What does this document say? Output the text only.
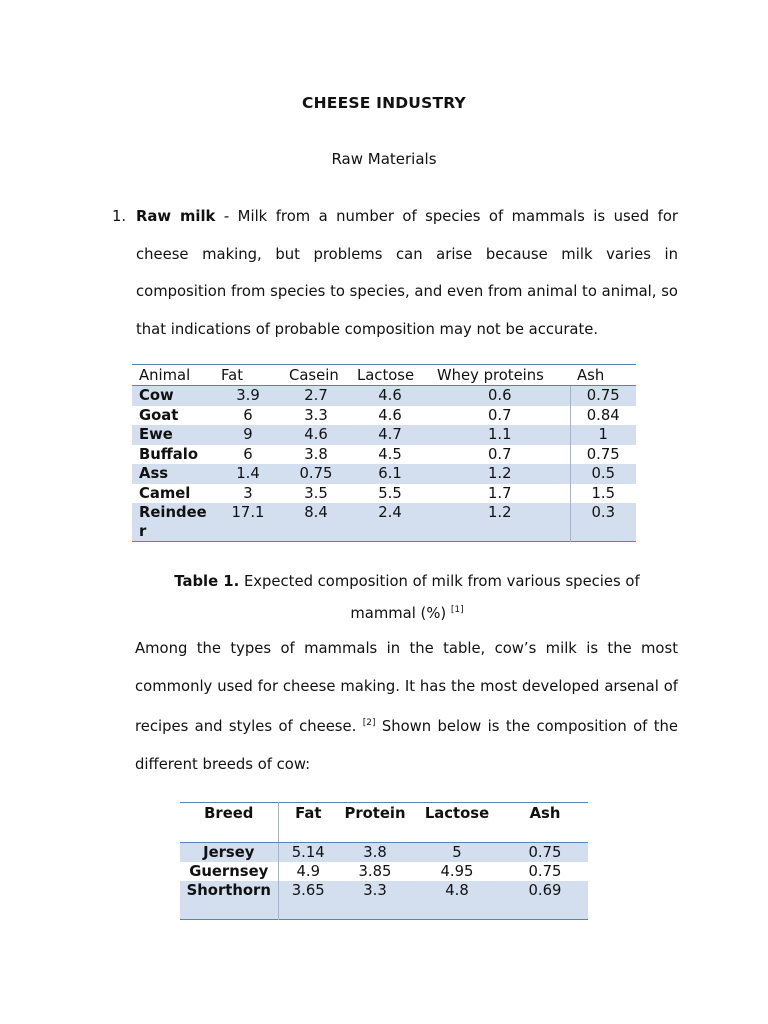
CHEESE INDUSTRY
Raw Materials
1. Raw milk - Milk from a number of species of mammals is used for cheese making, but problems can arise because milk varies in composition from species to species, and even from animal to animal, so that indications of probable composition may not be accurate.
Animal	Fat	Casein	Lactose	Whey proteins	Ash
Cow	3.9	2.7	4.6	0.6	0.75
Goat	6	3.3	4.6	0.7	0.84
Ewe	9	4.6	4.7	1.1	1
Buffalo	6	3.8	4.5	0.7	0.75
Ass	1.4	0.75	6.1	1.2	0.5
Camel	3	3.5	5.5	1.7	1.5
Reindeer	17.1	8.4	2.4	1.2	0.3
Table 1. Expected composition of milk from various species of mammal (%) [1]
Among the types of mammals in the table, cow’s milk is the most commonly used for cheese making. It has the most developed arsenal of recipes and styles of cheese. [2] Shown below is the composition of the different breeds of cow:
Breed	Fat	Protein	Lactose	Ash
Jersey	5.14	3.8	5	0.75
Guernsey	4.9	3.85	4.95	0.75
Shorthorn	3.65	3.3	4.8	0.69
